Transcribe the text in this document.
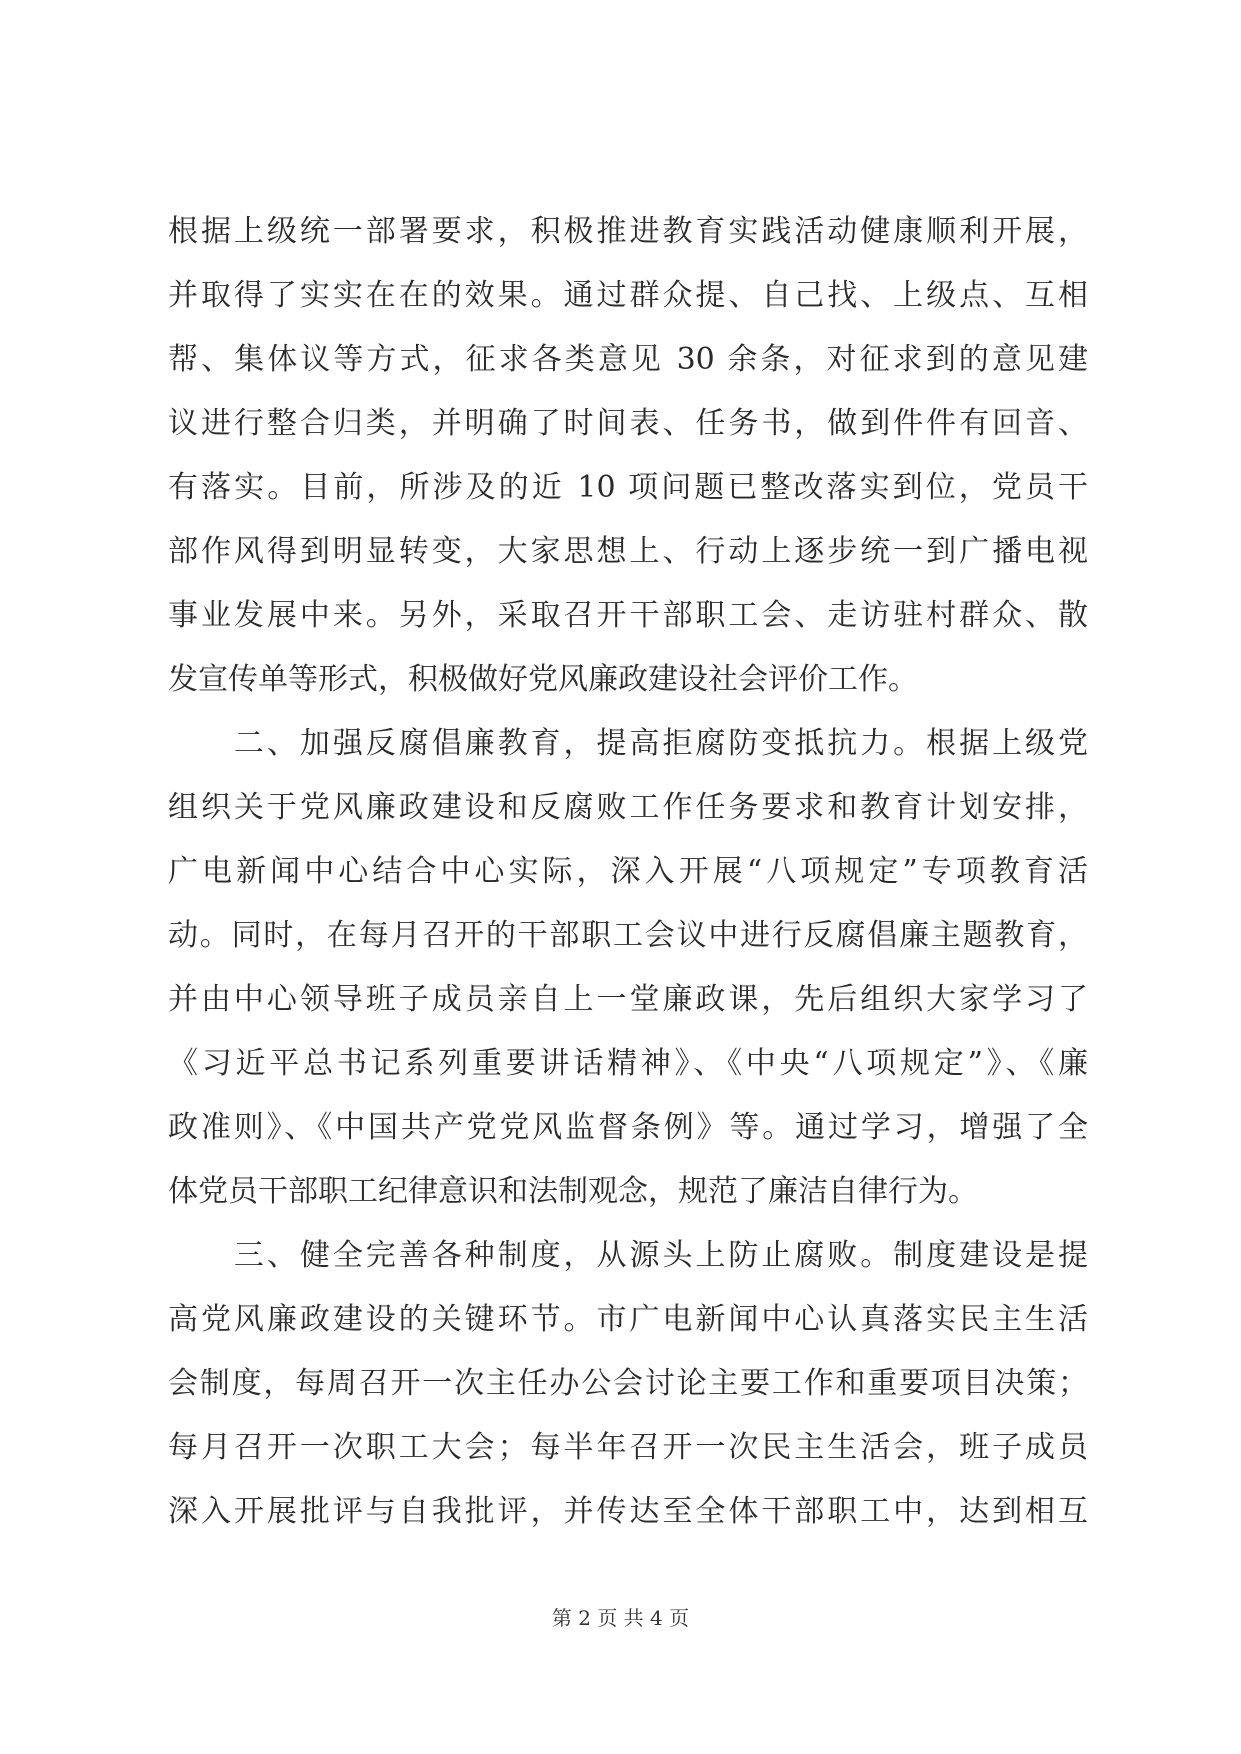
根据上级统一部署要求，积极推进教育实践活动健康顺利开展，
并取得了实实在在的效果。通过群众提、自己找、上级点、互相
帮、集体议等方式，征求各类意见 30 余条，对征求到的意见建
议进行整合归类，并明确了时间表、任务书，做到件件有回音、
有落实。目前，所涉及的近 10 项问题已整改落实到位，党员干
部作风得到明显转变，大家思想上、行动上逐步统一到广播电视
事业发展中来。另外，采取召开干部职工会、走访驻村群众、散
发宣传单等形式，积极做好党风廉政建设社会评价工作。
　　二、加强反腐倡廉教育，提高拒腐防变抵抗力。根据上级党
组织关于党风廉政建设和反腐败工作任务要求和教育计划安排，
广电新闻中心结合中心实际，深入开展“八项规定”专项教育活
动。同时，在每月召开的干部职工会议中进行反腐倡廉主题教育，
并由中心领导班子成员亲自上一堂廉政课，先后组织大家学习了
《习近平总书记系列重要讲话精神》、《中央“八项规定”》、《廉
政准则》、《中国共产党党风监督条例》等。通过学习，增强了全
体党员干部职工纪律意识和法制观念，规范了廉洁自律行为。
　　三、健全完善各种制度，从源头上防止腐败。制度建设是提
高党风廉政建设的关键环节。市广电新闻中心认真落实民主生活
会制度，每周召开一次主任办公会讨论主要工作和重要项目决策；
每月召开一次职工大会；每半年召开一次民主生活会，班子成员
深入开展批评与自我批评，并传达至全体干部职工中，达到相互
第 2 页 共 4 页
